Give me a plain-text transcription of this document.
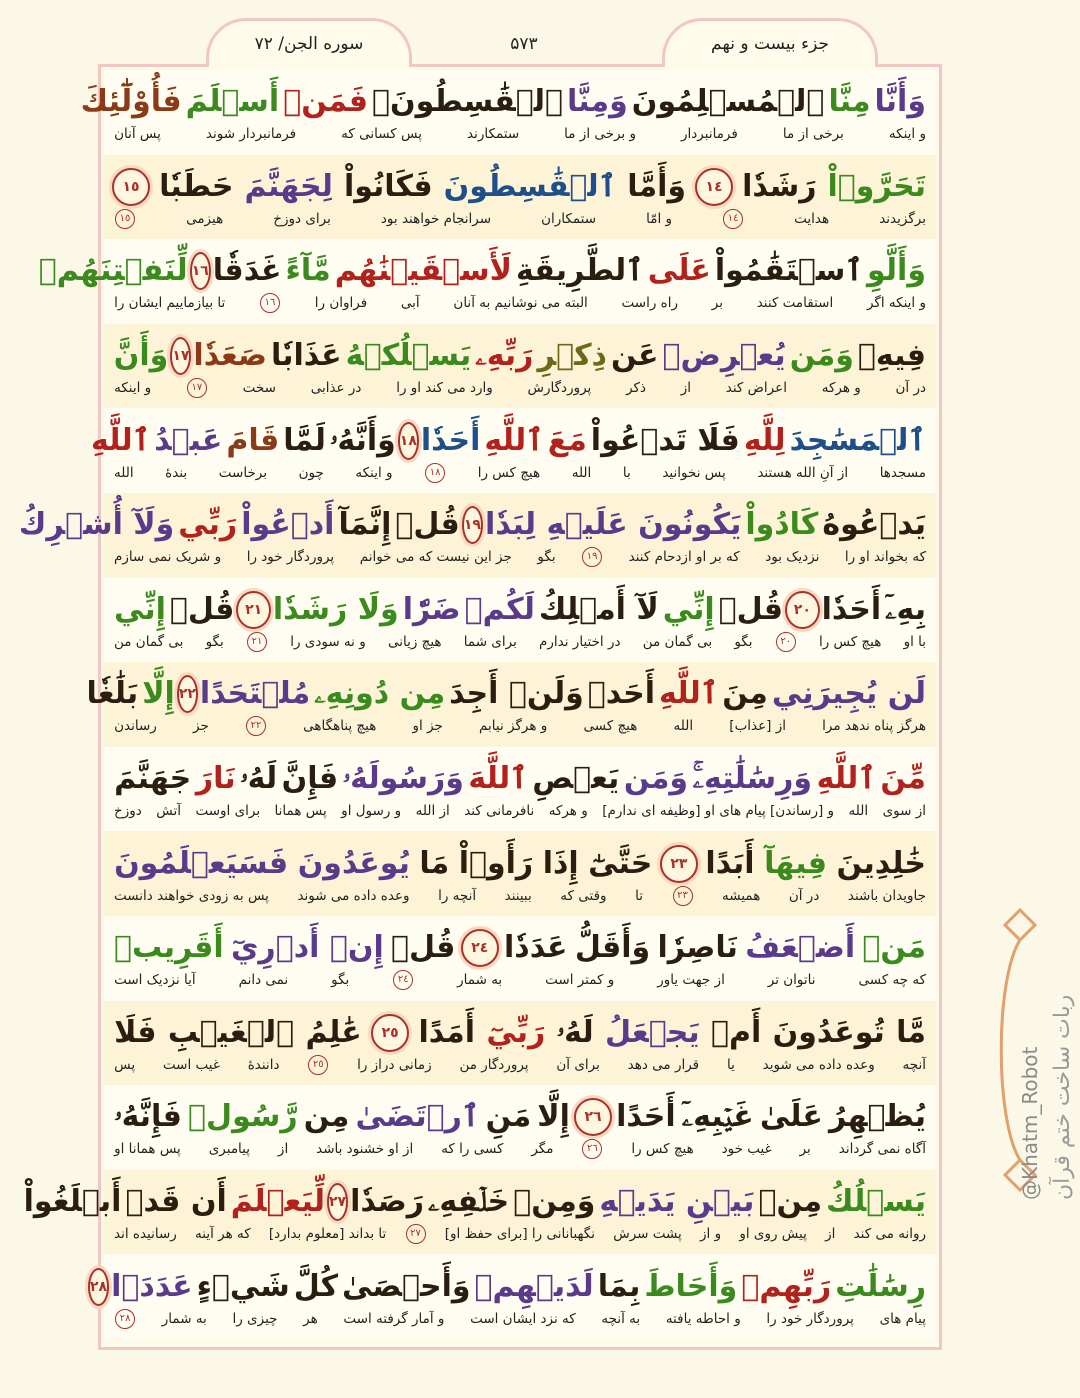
جزء بیست و نهم
۵۷۳
سوره الجن/ ۷۲
وَأَنَّا
مِنَّا
ٱلۡمُسۡلِمُونَ
وَمِنَّا
ٱلۡقَٰسِطُونَۖ
فَمَنۡ
أَسۡلَمَ
فَأُوْلَٰٓئِكَ
و اینکه
برخی از ما
فرمانبردار
و برخی از ما
ستمکارند
پس کسانی که
فرمانبردار شوند
پس آنان
تَحَرَّوۡاْ
رَشَدٗا
١٤
وَأَمَّا
ٱلۡقَٰسِطُونَ
فَكَانُواْ
لِجَهَنَّمَ
حَطَبٗا
١٥
برگزیدند
هدایت
١٤
و امّا
ستمکاران
سرانجام خواهند بود
برای دوزخ
هیزمی
١٥
وَأَلَّوِ
ٱسۡتَقَٰمُواْ
عَلَى
ٱلطَّرِيقَةِ
لَأَسۡقَيۡنَٰهُم
مَّآءً
غَدَقٗا
١٦
لِّنَفۡتِنَهُمۡ
و اینکه اگر
استقامت کنند
بر
راه راست
البته می نوشانیم به آنان
آبی
فراوان را
١٦
تا بیازماییم ایشان را
فِيهِۚ
وَمَن
يُعۡرِضۡ
عَن
ذِكۡرِ
رَبِّهِۦ
يَسۡلُكۡهُ
عَذَابٗا
صَعَدٗا
١٧
وَأَنَّ
در آن
و هرکه
اعراض کند
از
ذکر
پروردگارش
وارد می کند او را
در عذابی
سخت
١٧
و اینکه
ٱلۡمَسَٰجِدَ
لِلَّهِ
فَلَا تَدۡعُواْ
مَعَ
ٱللَّهِ
أَحَدٗا
١٨
وَأَنَّهُۥ
لَمَّا
قَامَ
عَبۡدُ
ٱللَّهِ
مسجدها
از آنِ الله هستند
پس نخوانید
با
الله
هیچ کس را
١٨
و اینکه
چون
برخاست
بندهٔ
الله
يَدۡعُوهُ
كَادُواْ
يَكُونُونَ عَلَيۡهِ لِبَدٗا
١٩
قُلۡ
إِنَّمَآ
أَدۡعُواْ
رَبِّي
وَلَآ أُشۡرِكُ
که بخواند او را
نزدیک بود
که بر او ازدحام کنند
١٩
بگو
جز این نیست که می خوانم
پروردگار خود را
و شریک نمی سازم
بِهِۦٓ
أَحَدٗا
٢٠
قُلۡ
إِنِّي
لَآ أَمۡلِكُ
لَكُمۡ
ضَرّٗا
وَلَا رَشَدٗا
٢١
قُلۡ
إِنِّي
با او
هیچ کس را
٢٠
بگو
بی گمان من
در اختیار ندارم
برای شما
هیچ زیانی
و نه سودی را
٢١
بگو
بی گمان من
لَن يُجِيرَنِي
مِنَ
ٱللَّهِ
أَحَدٞ
وَلَنۡ أَجِدَ
مِن دُونِهِۦ
مُلۡتَحَدًا
٢٢
إِلَّا
بَلَٰغٗا
هرگز پناه ندهد مرا
از [عذاب]
الله
هیچ کسی
و هرگز نیابم
جز او
هیچ پناهگاهی
٢٢
جز
رساندن
مِّنَ
ٱللَّهِ
وَرِسَٰلَٰتِهِۦۚ
وَمَن
يَعۡصِ
ٱللَّهَ
وَرَسُولَهُۥ
فَإِنَّ
لَهُۥ
نَارَ
جَهَنَّمَ
از سوی
الله
و [رساندن] پیام های او [وظیفه ای ندارم]
و هرکه
نافرمانی کند
از الله
و رسول او
پس همانا
برای اوست
آتش
دوزخ
خَٰلِدِينَ
فِيهَآ
أَبَدًا
٢٣
حَتَّىٰٓ
إِذَا
رَأَوۡاْ
مَا
يُوعَدُونَ
فَسَيَعۡلَمُونَ
جاویدان باشند
در آن
همیشه
٢٣
تا
وقتی که
ببینند
آنچه را
وعده داده می شوند
پس به زودی خواهند دانست
مَنۡ
أَضۡعَفُ
نَاصِرٗا
وَأَقَلُّ
عَدَدٗا
٢٤
قُلۡ
إِنۡ أَدۡرِيٓ
أَقَرِيبٞ
که چه کسی
ناتوان تر
از جهت یاور
و کمتر است
به شمار
٢٤
بگو
نمی دانم
آیا نزدیک است
مَّا
تُوعَدُونَ
أَمۡ
يَجۡعَلُ
لَهُۥ
رَبِّيٓ
أَمَدًا
٢٥
عَٰلِمُ
ٱلۡغَيۡبِ
فَلَا
آنچه
وعده داده می شوید
یا
قرار می دهد
برای آن
پروردگار من
زمانی دراز را
٢٥
دانندهٔ
غیب است
پس
يُظۡهِرُ
عَلَىٰ
غَيۡبِهِۦٓ
أَحَدًا
٢٦
إِلَّا
مَنِ
ٱرۡتَضَىٰ
مِن
رَّسُولٖ
فَإِنَّهُۥ
آگاه نمی گرداند
بر
غیب خود
هیچ کس را
٢٦
مگر
کسی را که
از او خشنود باشد
از
پیامبری
پس همانا او
يَسۡلُكُ
مِنۢ
بَيۡنِ يَدَيۡهِ
وَمِنۡ
خَلۡفِهِۦ
رَصَدٗا
٢٧
لِّيَعۡلَمَ
أَن قَدۡ
أَبۡلَغُواْ
روانه می کند
از
پیش روی او
و از
پشت سرش
نگهبانانی را [برای حفظ او]
٢٧
تا بداند [معلوم بدارد]
که هر آینه
رسانیده اند
رِسَٰلَٰتِ
رَبِّهِمۡ
وَأَحَاطَ
بِمَا
لَدَيۡهِمۡ
وَأَحۡصَىٰ
كُلَّ
شَيۡءٍ
عَدَدَۢا
٢٨
پیام های
پروردگار خود را
و احاطه یافته
به آنچه
که نزد ایشان است
و آمار گرفته است
هر
چیزی را
به شمار
٢٨
ربات ساخت ختم قرآن
@Khatm_Robot
